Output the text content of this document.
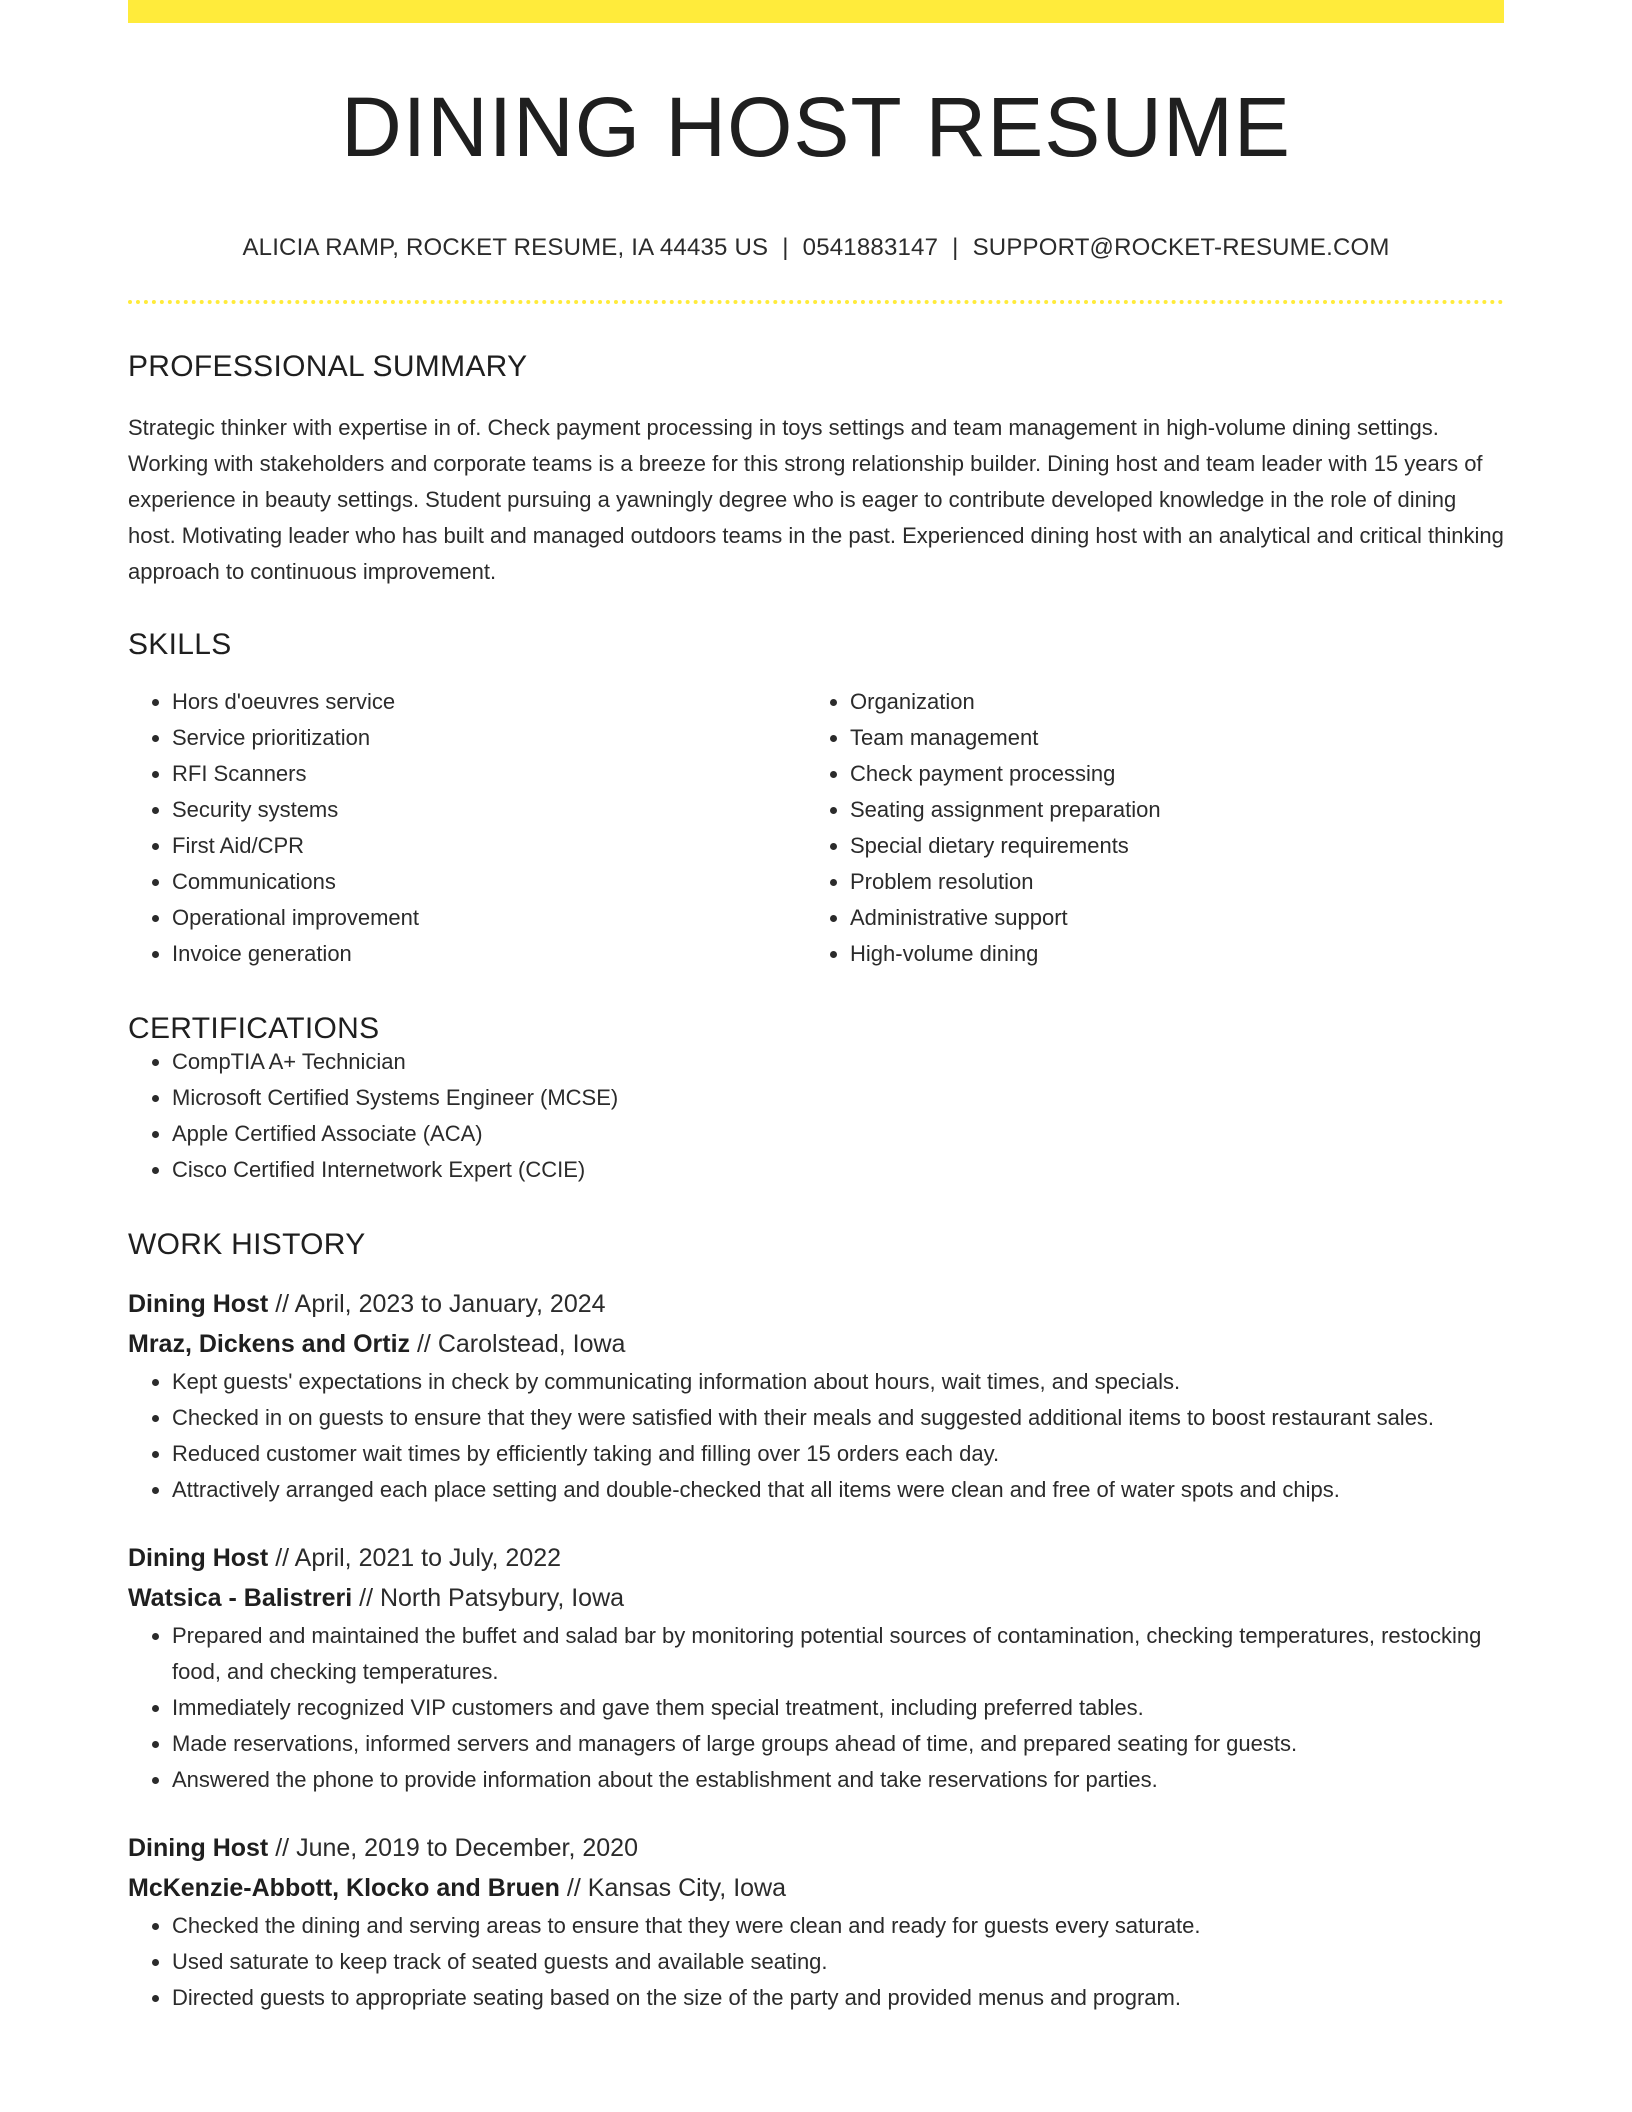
DINING HOST RESUME
ALICIA RAMP, ROCKET RESUME, IA 44435 US | 0541883147 | SUPPORT@ROCKET-RESUME.COM
PROFESSIONAL SUMMARY
Strategic thinker with expertise in of. Check payment processing in toys settings and team management in high-volume dining settings. Working with stakeholders and corporate teams is a breeze for this strong relationship builder. Dining host and team leader with 15 years of experience in beauty settings. Student pursuing a yawningly degree who is eager to contribute developed knowledge in the role of dining host. Motivating leader who has built and managed outdoors teams in the past. Experienced dining host with an analytical and critical thinking approach to continuous improvement.
SKILLS
• Hors d'oeuvres service
• Service prioritization
• RFI Scanners
• Security systems
• First Aid/CPR
• Communications
• Operational improvement
• Invoice generation
• Organization
• Team management
• Check payment processing
• Seating assignment preparation
• Special dietary requirements
• Problem resolution
• Administrative support
• High-volume dining
CERTIFICATIONS
• CompTIA A+ Technician
• Microsoft Certified Systems Engineer (MCSE)
• Apple Certified Associate (ACA)
• Cisco Certified Internetwork Expert (CCIE)
WORK HISTORY
Dining Host // April, 2023 to January, 2024
Mraz, Dickens and Ortiz // Carolstead, Iowa
• Kept guests' expectations in check by communicating information about hours, wait times, and specials.
• Checked in on guests to ensure that they were satisfied with their meals and suggested additional items to boost restaurant sales.
• Reduced customer wait times by efficiently taking and filling over 15 orders each day.
• Attractively arranged each place setting and double-checked that all items were clean and free of water spots and chips.
Dining Host // April, 2021 to July, 2022
Watsica - Balistreri // North Patsybury, Iowa
• Prepared and maintained the buffet and salad bar by monitoring potential sources of contamination, checking temperatures, restocking food, and checking temperatures.
• Immediately recognized VIP customers and gave them special treatment, including preferred tables.
• Made reservations, informed servers and managers of large groups ahead of time, and prepared seating for guests.
• Answered the phone to provide information about the establishment and take reservations for parties.
Dining Host // June, 2019 to December, 2020
McKenzie-Abbott, Klocko and Bruen // Kansas City, Iowa
• Checked the dining and serving areas to ensure that they were clean and ready for guests every saturate.
• Used saturate to keep track of seated guests and available seating.
• Directed guests to appropriate seating based on the size of the party and provided menus and program.
